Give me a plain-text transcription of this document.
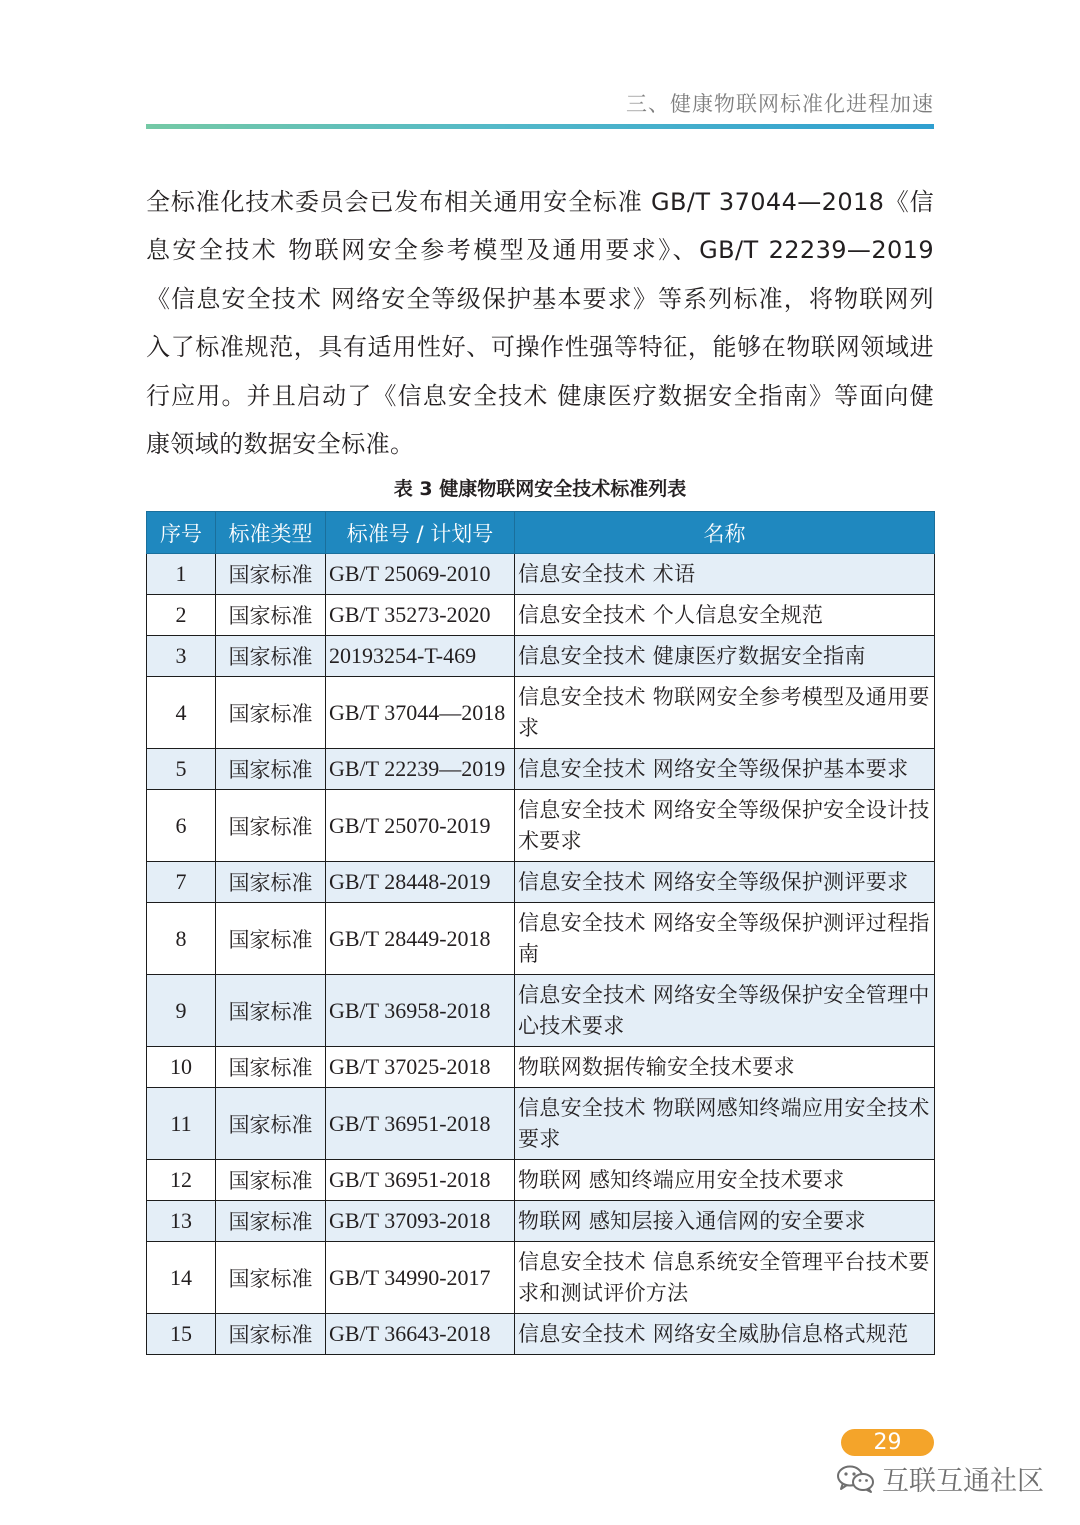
三、健康物联网标准化进程加速

全标准化技术委员会已发布相关通用安全标准 GB/T 37044—2018《信息安全技术 物联网安全参考模型及通用要求》、GB/T 22239—2019《信息安全技术 网络安全等级保护基本要求》等系列标准，将物联网列入了标准规范，具有适用性好、可操作性强等特征，能够在物联网领域进行应用。并且启动了《信息安全技术 健康医疗数据安全指南》等面向健康领域的数据安全标准。

表 3 健康物联网安全技术标准列表
序号	标准类型	标准号 / 计划号	名称
1	国家标准	GB/T 25069-2010	信息安全技术 术语
2	国家标准	GB/T 35273-2020	信息安全技术 个人信息安全规范
3	国家标准	20193254-T-469	信息安全技术 健康医疗数据安全指南
4	国家标准	GB/T 37044—2018	信息安全技术 物联网安全参考模型及通用要求
5	国家标准	GB/T 22239—2019	信息安全技术 网络安全等级保护基本要求
6	国家标准	GB/T 25070-2019	信息安全技术 网络安全等级保护安全设计技术要求
7	国家标准	GB/T 28448-2019	信息安全技术 网络安全等级保护测评要求
8	国家标准	GB/T 28449-2018	信息安全技术 网络安全等级保护测评过程指南
9	国家标准	GB/T 36958-2018	信息安全技术 网络安全等级保护安全管理中心技术要求
10	国家标准	GB/T 37025-2018	物联网数据传输安全技术要求
11	国家标准	GB/T 36951-2018	信息安全技术 物联网感知终端应用安全技术要求
12	国家标准	GB/T 36951-2018	物联网 感知终端应用安全技术要求
13	国家标准	GB/T 37093-2018	物联网 感知层接入通信网的安全要求
14	国家标准	GB/T 34990-2017	信息安全技术 信息系统安全管理平台技术要求和测试评价方法
15	国家标准	GB/T 36643-2018	信息安全技术 网络安全威胁信息格式规范
29
互联互通社区
